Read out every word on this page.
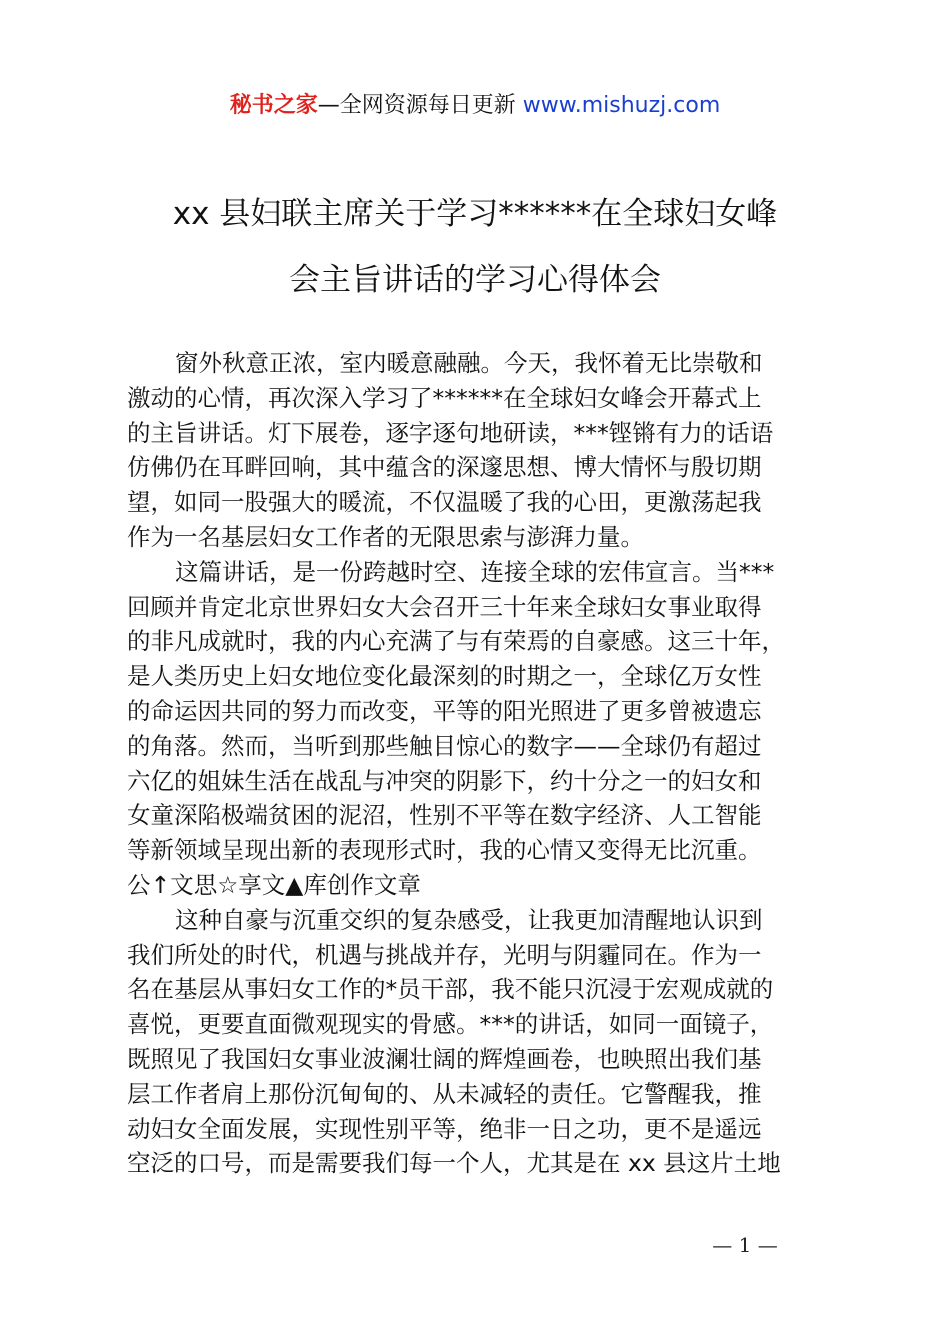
秘书之家—全网资源每日更新 www.mishuzj.com
xx 县妇联主席关于学习******在全球妇女峰
会主旨讲话的学习心得体会
窗外秋意正浓，室内暖意融融。今天，我怀着无比崇敬和
激动的心情，再次深入学习了******在全球妇女峰会开幕式上
的主旨讲话。灯下展卷，逐字逐句地研读，***铿锵有力的话语
仿佛仍在耳畔回响，其中蕴含的深邃思想、博大情怀与殷切期
望，如同一股强大的暖流，不仅温暖了我的心田，更激荡起我
作为一名基层妇女工作者的无限思索与澎湃力量。
这篇讲话，是一份跨越时空、连接全球的宏伟宣言。当***
回顾并肯定北京世界妇女大会召开三十年来全球妇女事业取得
的非凡成就时，我的内心充满了与有荣焉的自豪感。这三十年，
是人类历史上妇女地位变化最深刻的时期之一，全球亿万女性
的命运因共同的努力而改变，平等的阳光照进了更多曾被遗忘
的角落。然而，当听到那些触目惊心的数字——全球仍有超过
六亿的姐妹生活在战乱与冲突的阴影下，约十分之一的妇女和
女童深陷极端贫困的泥沼，性别不平等在数字经济、人工智能
等新领域呈现出新的表现形式时，我的心情又变得无比沉重。
公↑文思☆享文▲库创作文章
这种自豪与沉重交织的复杂感受，让我更加清醒地认识到
我们所处的时代，机遇与挑战并存，光明与阴霾同在。作为一
名在基层从事妇女工作的*员干部，我不能只沉浸于宏观成就的
喜悦，更要直面微观现实的骨感。***的讲话，如同一面镜子，
既照见了我国妇女事业波澜壮阔的辉煌画卷，也映照出我们基
层工作者肩上那份沉甸甸的、从未减轻的责任。它警醒我，推
动妇女全面发展，实现性别平等，绝非一日之功，更不是遥远
空泛的口号，而是需要我们每一个人，尤其是在 xx 县这片土地
— 1 —
